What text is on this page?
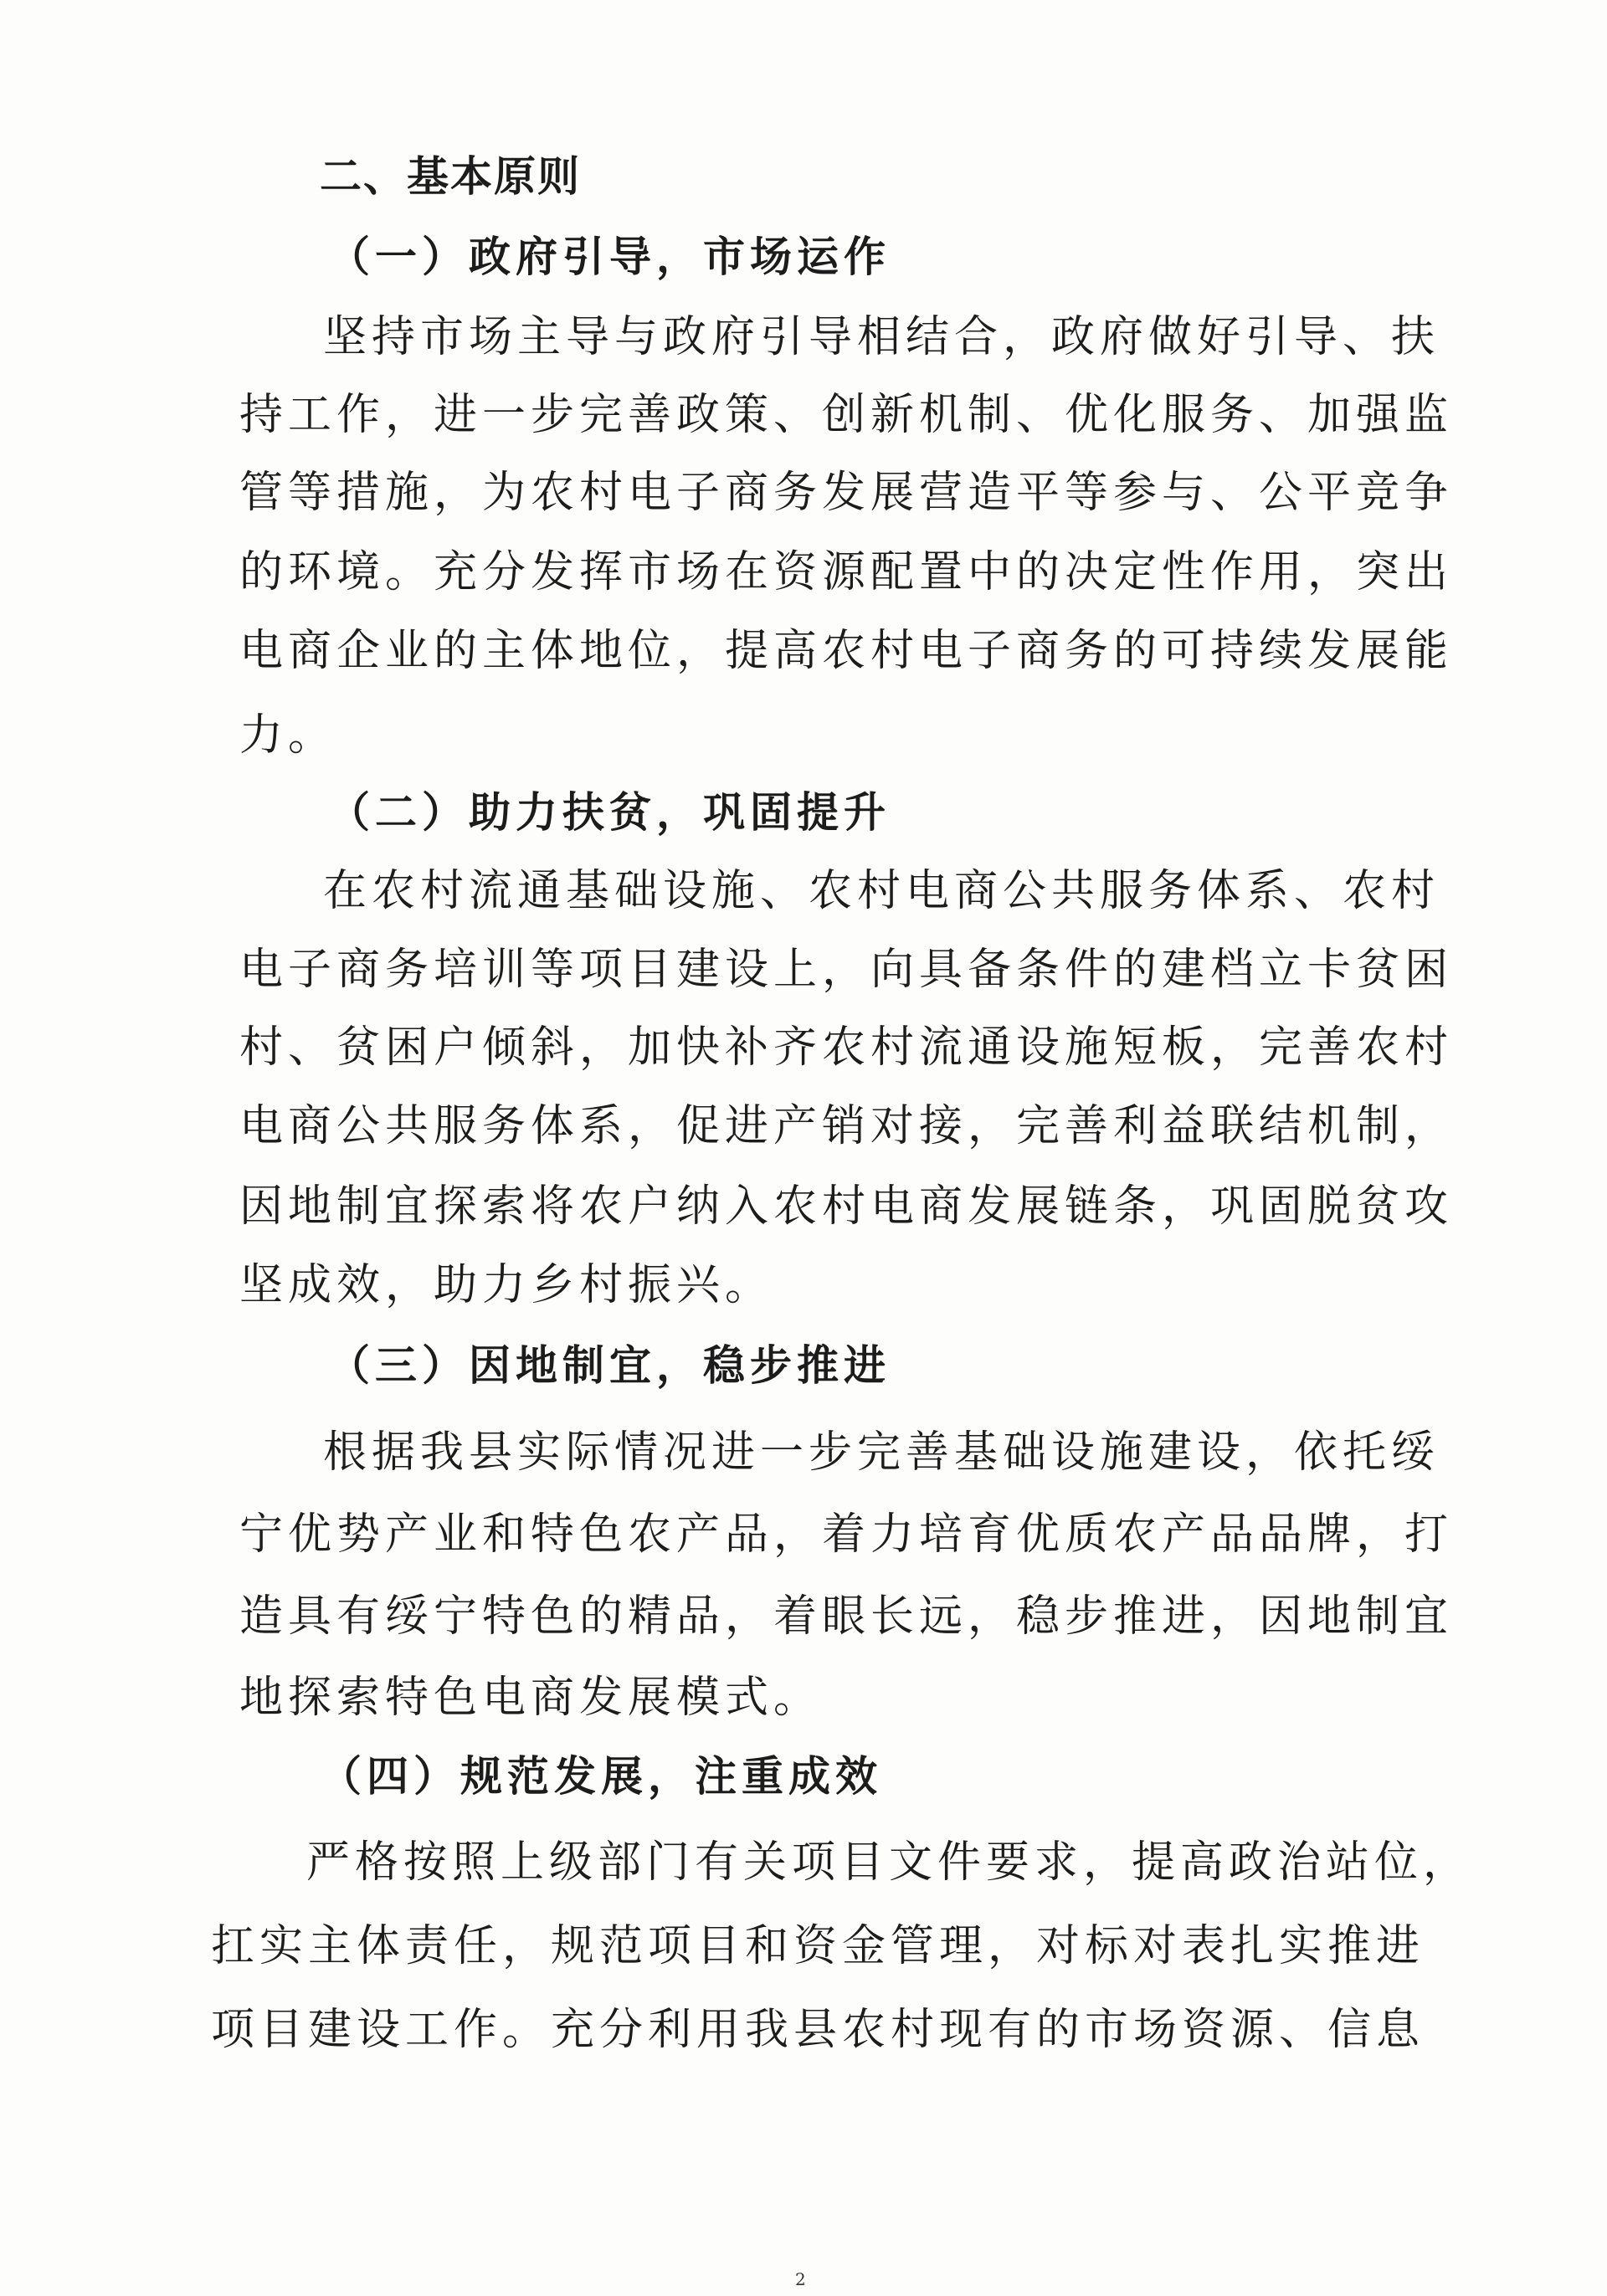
二、基本原则
（一）政府引导，市场运作
坚持市场主导与政府引导相结合，政府做好引导、扶
持工作，进一步完善政策、创新机制、优化服务、加强监
管等措施，为农村电子商务发展营造平等参与、公平竞争
的环境。充分发挥市场在资源配置中的决定性作用，突出
电商企业的主体地位，提高农村电子商务的可持续发展能
力。
（二）助力扶贫，巩固提升
在农村流通基础设施、农村电商公共服务体系、农村
电子商务培训等项目建设上，向具备条件的建档立卡贫困
村、贫困户倾斜，加快补齐农村流通设施短板，完善农村
电商公共服务体系，促进产销对接，完善利益联结机制，
因地制宜探索将农户纳入农村电商发展链条，巩固脱贫攻
坚成效，助力乡村振兴。
（三）因地制宜，稳步推进
根据我县实际情况进一步完善基础设施建设，依托绥
宁优势产业和特色农产品，着力培育优质农产品品牌，打
造具有绥宁特色的精品，着眼长远，稳步推进，因地制宜
地探索特色电商发展模式。
（四）规范发展，注重成效
严格按照上级部门有关项目文件要求，提高政治站位，
扛实主体责任，规范项目和资金管理，对标对表扎实推进
项目建设工作。充分利用我县农村现有的市场资源、信息
2
